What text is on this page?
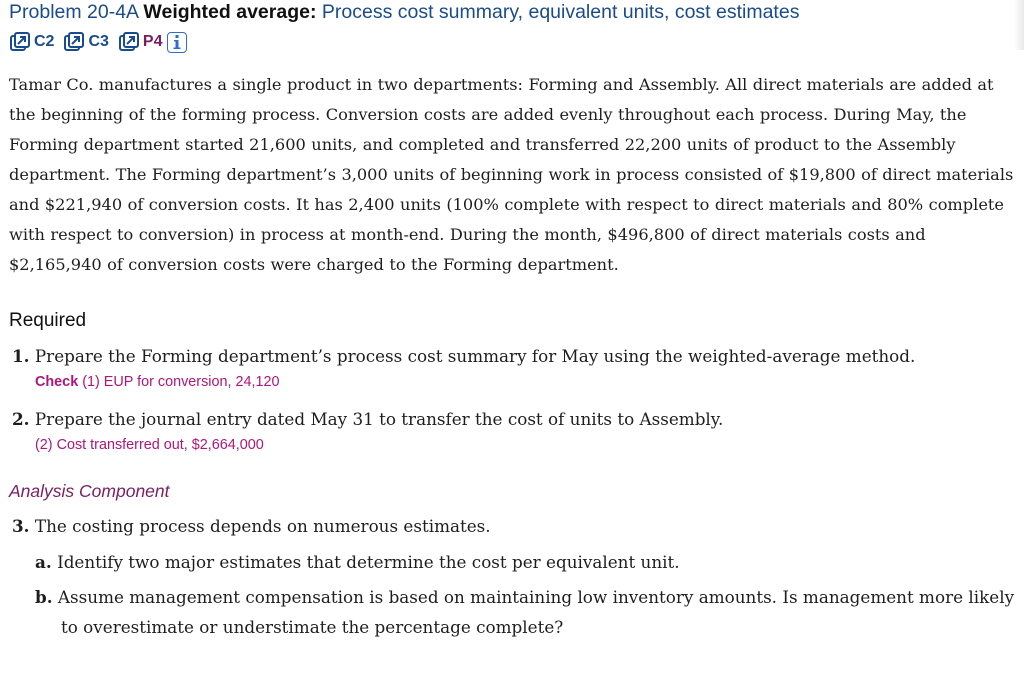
Problem 20-4A Weighted average: Process cost summary, equivalent units, cost estimates
C2 C3 P4

Tamar Co. manufactures a single product in two departments: Forming and Assembly. All direct materials are added at the beginning of the forming process. Conversion costs are added evenly throughout each process. During May, the Forming department started 21,600 units, and completed and transferred 22,200 units of product to the Assembly department. The Forming department’s 3,000 units of beginning work in process consisted of $19,800 of direct materials and $221,940 of conversion costs. It has 2,400 units (100% complete with respect to direct materials and 80% complete with respect to conversion) in process at month-end. During the month, $496,800 of direct materials costs and $2,165,940 of conversion costs were charged to the Forming department.

Required
1. Prepare the Forming department’s process cost summary for May using the weighted-average method.
Check (1) EUP for conversion, 24,120
2. Prepare the journal entry dated May 31 to transfer the cost of units to Assembly.
(2) Cost transferred out, $2,664,000
Analysis Component
3. The costing process depends on numerous estimates.
a. Identify two major estimates that determine the cost per equivalent unit.
b. Assume management compensation is based on maintaining low inventory amounts. Is management more likely to overestimate or understimate the percentage complete?
